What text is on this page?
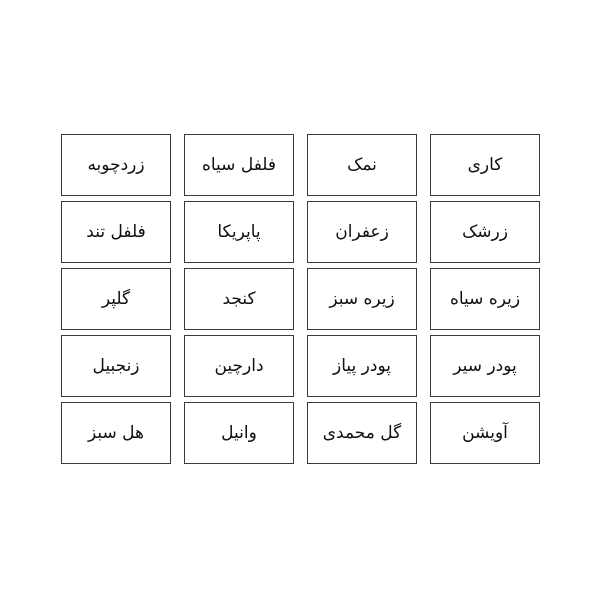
زردچوبه	فلفل سیاه	نمک	کاری
فلفل تند	پاپریکا	زعفران	زرشک
گلپر	کنجد	زیره سبز	زیره سیاه
زنجبیل	دارچین	پودر پیاز	پودر سیر
هل سبز	وانیل	گل محمدی	آویشن
